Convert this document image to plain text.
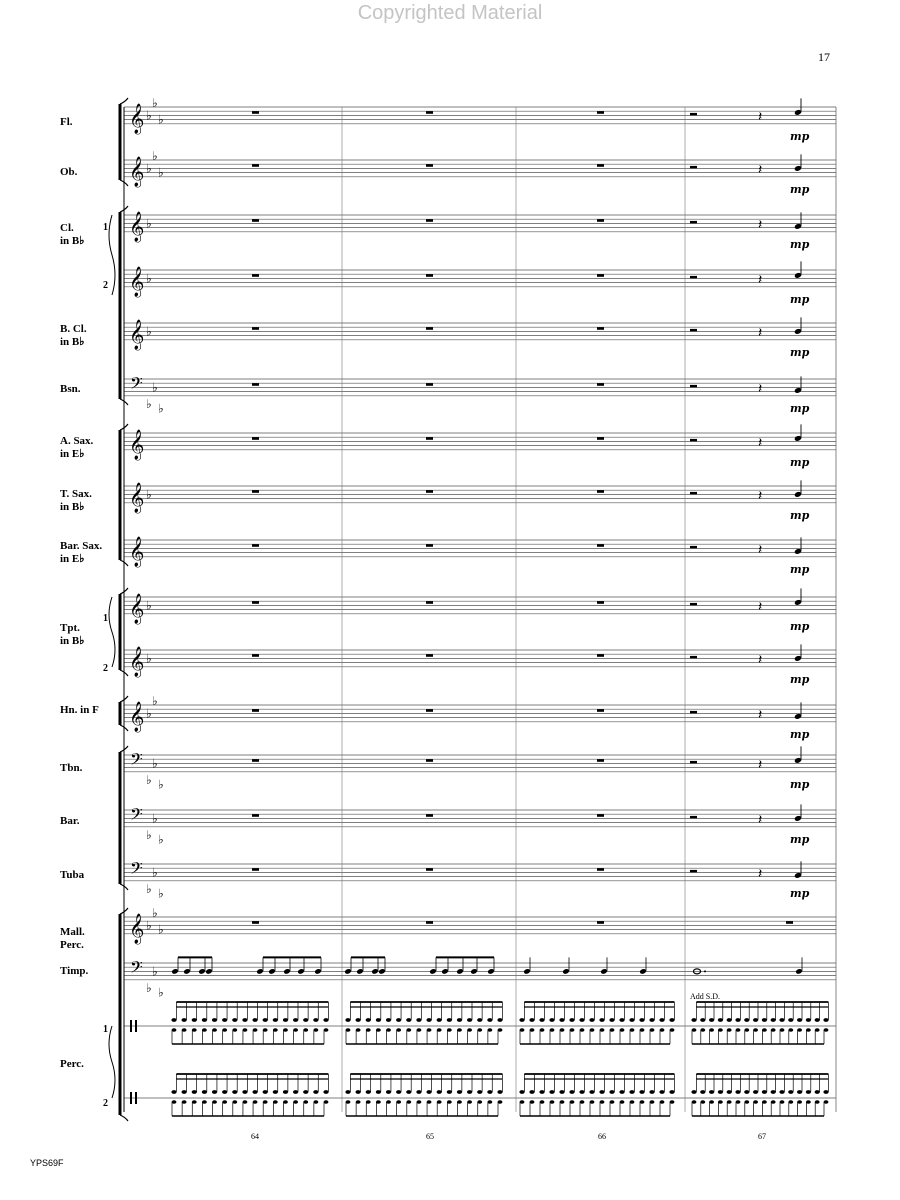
Copyrighted Material
17
𝄞 ♭
♭
♭
𝄞 ♭
♭
♭
𝄞 ♭
𝄞 ♭
𝄞 ♭
𝄢
♭
♭
♭
𝄞
𝄞 ♭
𝄞
𝄞 ♭
𝄞 ♭
𝄞 ♭
♭
𝄢
♭
♭
♭
𝄢
♭
♭
♭
𝄢
♭
♭
♭
𝄞 ♭
♭
♭
𝄢
♭
♭
♭
𝄽
mp
𝄽
mp
𝄽
mp
𝄽
mp
𝄽
mp
𝄽
mp
𝄽
mp
𝄽
mp
𝄽
mp
𝄽
mp
𝄽
mp
𝄽
mp
𝄽
mp
𝄽
mp
𝄽
mp
Fl.
Ob.
Cl.
in B♭
B. Cl.
in B♭
Bsn.
A. Sax.
in E♭
T. Sax.
in B♭
Bar. Sax.
in E♭
Tpt.
in B♭
Hn. in F
Tbn.
Bar.
Tuba
Mall.
Perc.
Timp.
Perc.
1
2
1
2
1
2
64	65	66	67
Add S.D.
YPS69F
